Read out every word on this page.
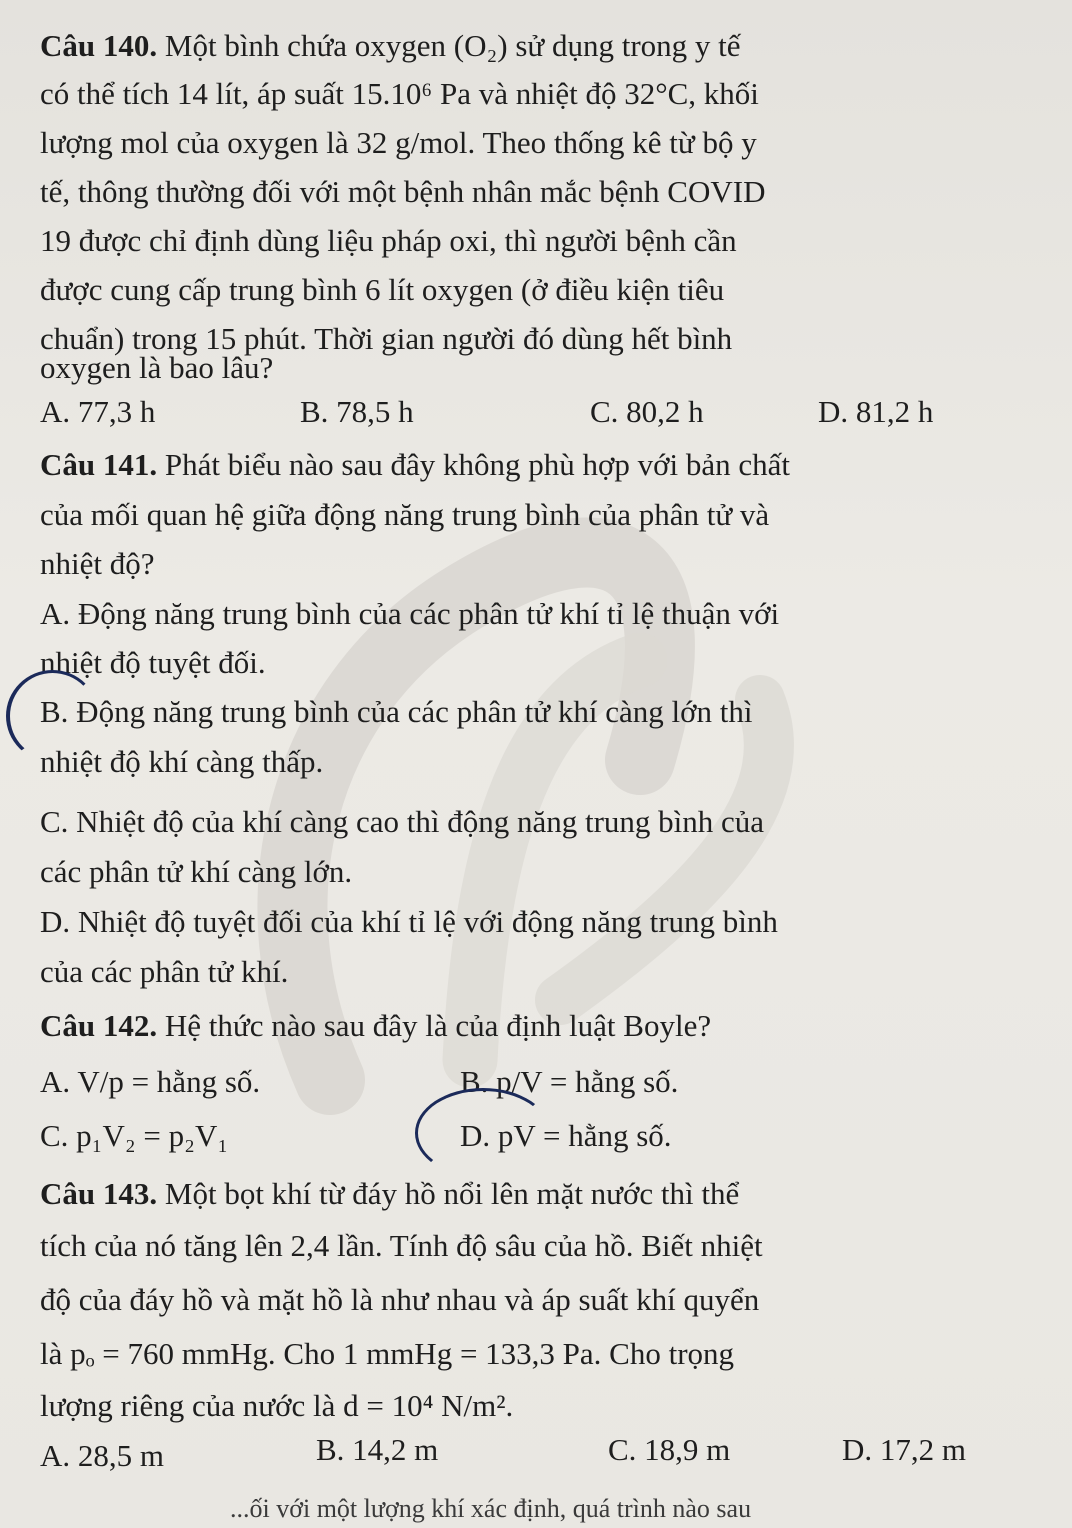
Câu 140. Một bình chứa oxygen (O₂) sử dụng trong y tế
có thể tích 14 lít, áp suất 15.10⁶ Pa và nhiệt độ 32°C, khối
lượng mol của oxygen là 32 g/mol. Theo thống kê từ bộ y
tế, thông thường đối với một bệnh nhân mắc bệnh COVID
19 được chỉ định dùng liệu pháp oxi, thì người bệnh cần
được cung cấp trung bình 6 lít oxygen (ở điều kiện tiêu
chuẩn) trong 15 phút. Thời gian người đó dùng hết bình
oxygen là bao lâu?
A. 77,3 h	B. 78,5 h	C. 80,2 h	D. 81,2 h
Câu 141. Phát biểu nào sau đây không phù hợp với bản chất
của mối quan hệ giữa động năng trung bình của phân tử và
nhiệt độ?
A. Động năng trung bình của các phân tử khí tỉ lệ thuận với
nhiệt độ tuyệt đối.
B. Động năng trung bình của các phân tử khí càng lớn thì
nhiệt độ khí càng thấp.
C. Nhiệt độ của khí càng cao thì động năng trung bình của
các phân tử khí càng lớn.
D. Nhiệt độ tuyệt đối của khí tỉ lệ với động năng trung bình
của các phân tử khí.
Câu 142. Hệ thức nào sau đây là của định luật Boyle?
A. V/p = hằng số.	B. p/V = hằng số.
C. p₁V₂ = p₂V₁	D. pV = hằng số.
Câu 143. Một bọt khí từ đáy hồ nổi lên mặt nước thì thể
tích của nó tăng lên 2,4 lần. Tính độ sâu của hồ. Biết nhiệt
độ của đáy hồ và mặt hồ là như nhau và áp suất khí quyển
là pₒ = 760 mmHg. Cho 1 mmHg = 133,3 Pa. Cho trọng
lượng riêng của nước là d = 10⁴ N/m².
A. 28,5 m	B. 14,2 m	C. 18,9 m	D. 17,2 m
...ối với một lượng khí xác định, quá trình nào sau
